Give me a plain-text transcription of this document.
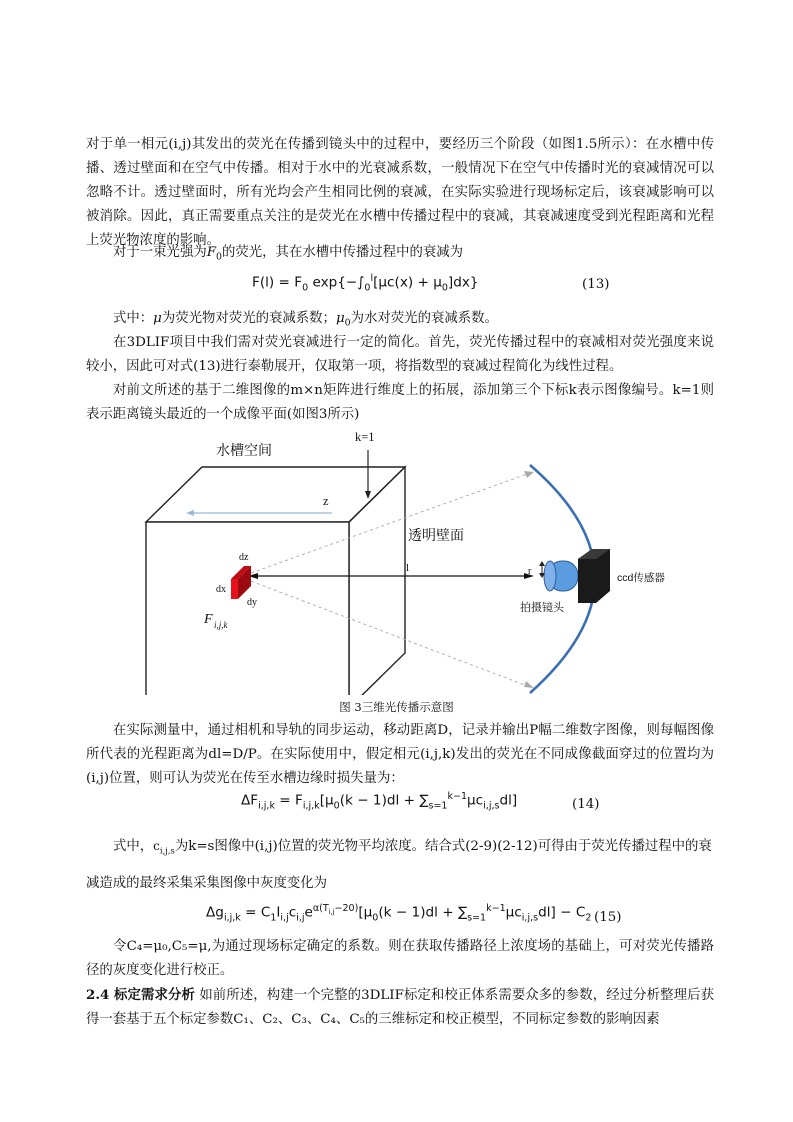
对于单一相元(i,j)其发出的荧光在传播到镜头中的过程中，要经历三个阶段（如图1.5所示）：在水槽中传播、透过壁面和在空气中传播。相对于水中的光衰减系数，一般情况下在空气中传播时光的衰减情况可以忽略不计。透过壁面时，所有光均会产生相同比例的衰减，在实际实验进行现场标定后，该衰减影响可以被消除。因此，真正需要重点关注的是荧光在水槽中传播过程中的衰减，其衰减速度受到光程距离和光程上荧光物浓度的影响。

对于一束光强为$F_0$的荧光，其在水槽中传播过程中的衰减为

$F(l) = F_0$ $\exp\{-\int_0^l[\mu c(x) + \mu_0]dx\}$	(13)

式中：μ为荧光物对荧光的衰减系数；$\mu_0$为水对荧光的衰减系数。

在3DLIF项目中我们需对荧光衰减进行一定的简化。首先，荧光传播过程中的衰减相对荧光强度来说较小，因此可对式(13)进行泰勒展开，仅取第一项，将指数型的衰减过程简化为线性过程。

对前文所述的基于二维图像的m×n矩阵进行维度上的拓展，添加第三个下标k表示图像编号。k=1则表示距离镜头最近的一个成像平面(如图3所示)

水槽空间
k=1
z
透明壁面
dz
dx
dy
l	r
拍摄镜头
ccd传感器
F i,j,k
图 3三维光传播示意图

在实际测量中，通过相机和导轨的同步运动，移动距离D，记录并输出P幅二维数字图像，则每幅图像所代表的光程距离为dl=D/P。在实际使用中，假定相元(i,j,k)发出的荧光在不同成像截面穿过的位置均为(i,j)位置，则可认为荧光在传至水槽边缘时损失量为：

$\Delta F_{i,j,k} = F_{i,j,k}[\mu_0(k - 1)dl + \sum_{s=1}^{k-1}\mu c_{i,j,s}dl]$	(14)

式中，$c_{i,j,s}$为k=s图像中(i,j)位置的荧光物平均浓度。结合式(2-9)(2-12)可得由于荧光传播过程中的衰

减造成的最终采集采集图像中灰度变化为

$\Delta g_{i,j,k} = C_1I_{i,j}c_{i,j}e^{\alpha(T_{i,j}-20)}[\mu_0(k - 1)dl + \sum_{s=1}^{k-1}\mu c_{i,j,s}dl] - C_2$ (15)

令C₄=μ₀,C₅=μ,为通过现场标定确定的系数。则在获取传播路径上浓度场的基础上，可对荧光传播路径的灰度变化进行校正。

2.4 标定需求分析 如前所述，构建一个完整的3DLIF标定和校正体系需要众多的参数，经过分析整理后获得一套基于五个标定参数C₁、C₂、C₃、C₄、C₅的三维标定和校正模型，不同标定参数的影响因素
